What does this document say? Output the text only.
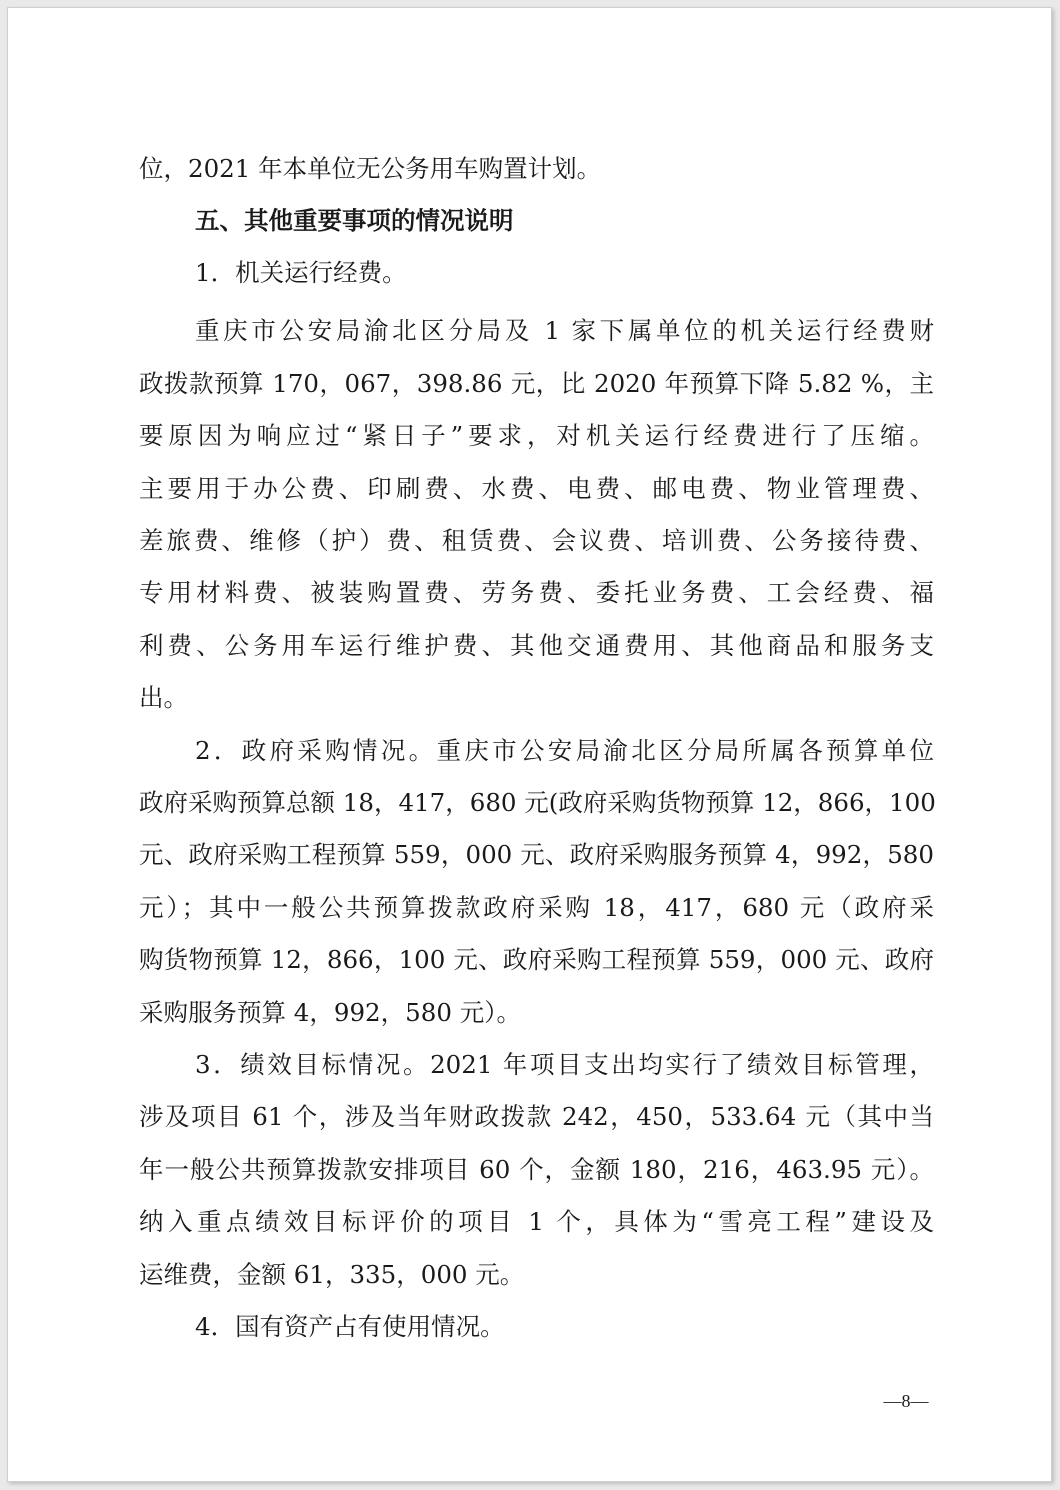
位，2021 年本单位无公务用车购置计划。
五、其他重要事项的情况说明
1．机关运行经费。
重庆市公安局渝北区分局及 1 家下属单位的机关运行经费财
政拨款预算 170，067，398.86 元，比 2020 年预算下降 5.82 %，主
要原因为响应过“紧日子”要求，对机关运行经费进行了压缩。
主要用于办公费、印刷费、水费、电费、邮电费、物业管理费、
差旅费、维修（护）费、租赁费、会议费、培训费、公务接待费、
专用材料费、被装购置费、劳务费、委托业务费、工会经费、福
利费、公务用车运行维护费、其他交通费用、其他商品和服务支
出。
2．政府采购情况。重庆市公安局渝北区分局所属各预算单位
政府采购预算总额 18，417，680 元(政府采购货物预算 12，866，100
元、政府采购工程预算 559，000 元、政府采购服务预算 4，992，580
元）；其中一般公共预算拨款政府采购 18，417，680 元（政府采
购货物预算 12，866，100 元、政府采购工程预算 559，000 元、政府
采购服务预算 4，992，580 元）。
3．绩效目标情况。2021 年项目支出均实行了绩效目标管理，
涉及项目 61 个，涉及当年财政拨款 242，450，533.64 元（其中当
年一般公共预算拨款安排项目 60 个，金额 180，216，463.95 元）。
纳入重点绩效目标评价的项目 1 个，具体为“雪亮工程”建设及
运维费，金额 61，335，000 元。
4．国有资产占有使用情况。
—8—
